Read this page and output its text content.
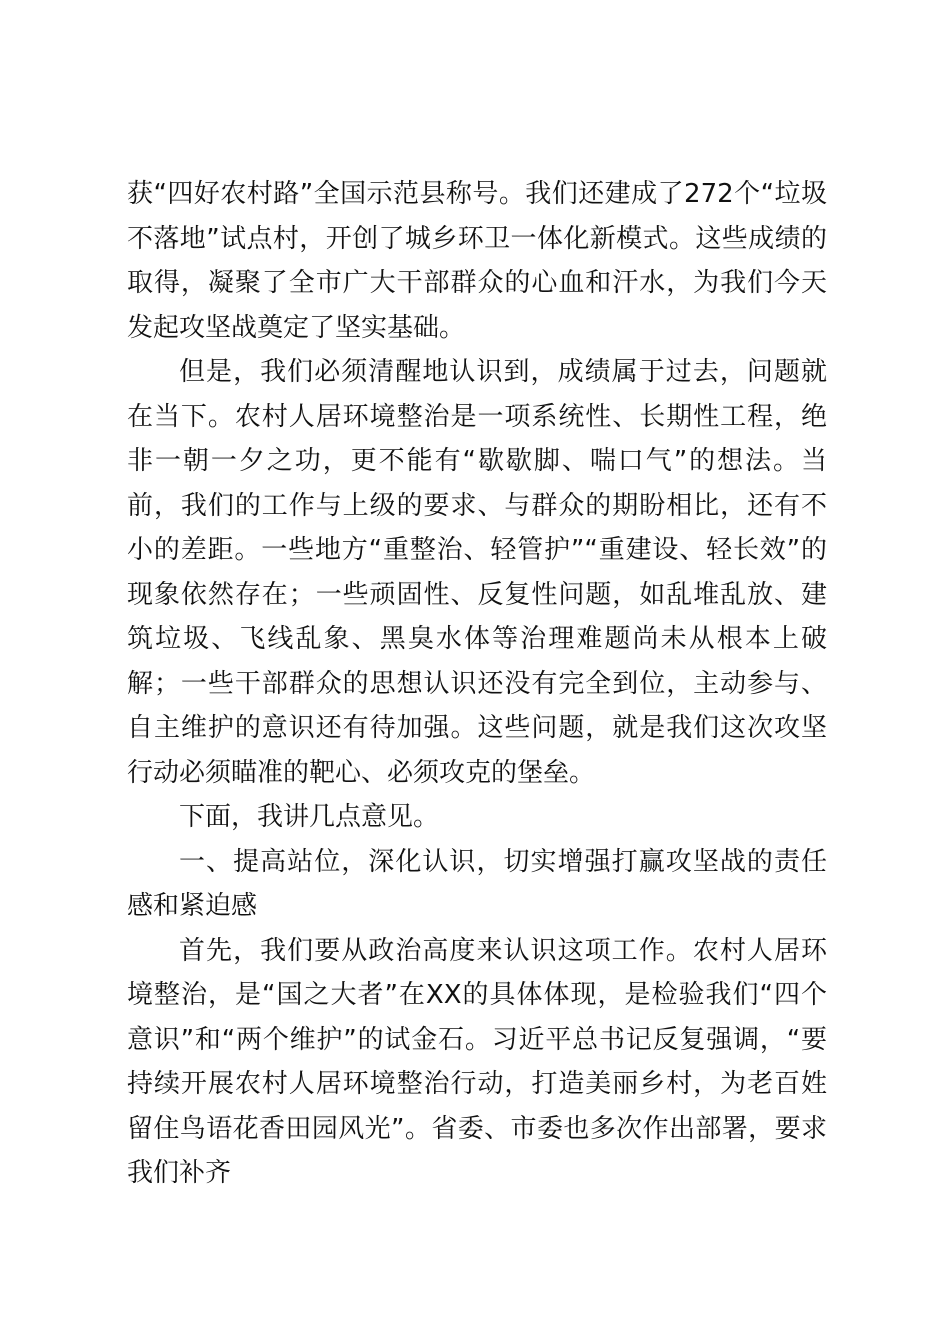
获“四好农村路”全国示范县称号。我们还建成了272个“垃圾不落地”试点村，开创了城乡环卫一体化新模式。这些成绩的取得，凝聚了全市广大干部群众的心血和汗水，为我们今天发起攻坚战奠定了坚实基础。

但是，我们必须清醒地认识到，成绩属于过去，问题就在当下。农村人居环境整治是一项系统性、长期性工程，绝非一朝一夕之功，更不能有“歇歇脚、喘口气”的想法。当前，我们的工作与上级的要求、与群众的期盼相比，还有不小的差距。一些地方“重整治、轻管护”“重建设、轻长效”的现象依然存在；一些顽固性、反复性问题，如乱堆乱放、建筑垃圾、飞线乱象、黑臭水体等治理难题尚未从根本上破解；一些干部群众的思想认识还没有完全到位，主动参与、自主维护的意识还有待加强。这些问题，就是我们这次攻坚行动必须瞄准的靶心、必须攻克的堡垒。

下面，我讲几点意见。

一、提高站位，深化认识，切实增强打赢攻坚战的责任感和紧迫感

首先，我们要从政治高度来认识这项工作。农村人居环境整治，是“国之大者”在XX的具体体现，是检验我们“四个意识”和“两个维护”的试金石。习近平总书记反复强调，“要持续开展农村人居环境整治行动，打造美丽乡村，为老百姓留住鸟语花香田园风光”。省委、市委也多次作出部署，要求我们补齐
